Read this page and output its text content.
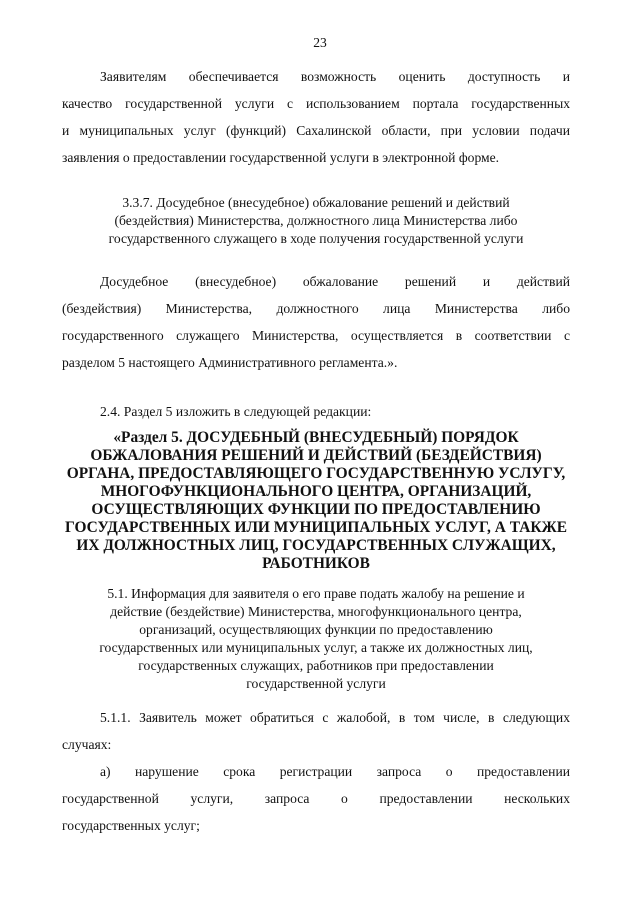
23
Заявителям обеспечивается возможность оценить доступность и
качество государственной услуги с использованием портала государственных
и муниципальных услуг (функций) Сахалинской области, при условии подачи
заявления о предоставлении государственной услуги в электронной форме.
3.3.7. Досудебное (внесудебное) обжалование решений и действий
(бездействия) Министерства, должностного лица Министерства либо
государственного служащего в ходе получения государственной услуги
Досудебное (внесудебное) обжалование решений и действий
(бездействия) Министерства, должностного лица Министерства либо
государственного служащего Министерства, осуществляется в соответствии с
разделом 5 настоящего Административного регламента.».
2.4. Раздел 5 изложить в следующей редакции:
«Раздел 5. ДОСУДЕБНЫЙ (ВНЕСУДЕБНЫЙ) ПОРЯДОК
ОБЖАЛОВАНИЯ РЕШЕНИЙ И ДЕЙСТВИЙ (БЕЗДЕЙСТВИЯ)
ОРГАНА, ПРЕДОСТАВЛЯЮЩЕГО ГОСУДАРСТВЕННУЮ УСЛУГУ,
МНОГОФУНКЦИОНАЛЬНОГО ЦЕНТРА, ОРГАНИЗАЦИЙ,
ОСУЩЕСТВЛЯЮЩИХ ФУНКЦИИ ПО ПРЕДОСТАВЛЕНИЮ
ГОСУДАРСТВЕННЫХ ИЛИ МУНИЦИПАЛЬНЫХ УСЛУГ, А ТАКЖЕ
ИХ ДОЛЖНОСТНЫХ ЛИЦ, ГОСУДАРСТВЕННЫХ СЛУЖАЩИХ,
РАБОТНИКОВ
5.1. Информация для заявителя о его праве подать жалобу на решение и
действие (бездействие) Министерства, многофункционального центра,
организаций, осуществляющих функции по предоставлению
государственных или муниципальных услуг, а также их должностных лиц,
государственных служащих, работников при предоставлении
государственной услуги
5.1.1. Заявитель может обратиться с жалобой, в том числе, в следующих
случаях:
а) нарушение срока регистрации запроса о предоставлении
государственной услуги, запроса о предоставлении нескольких
государственных услуг;
